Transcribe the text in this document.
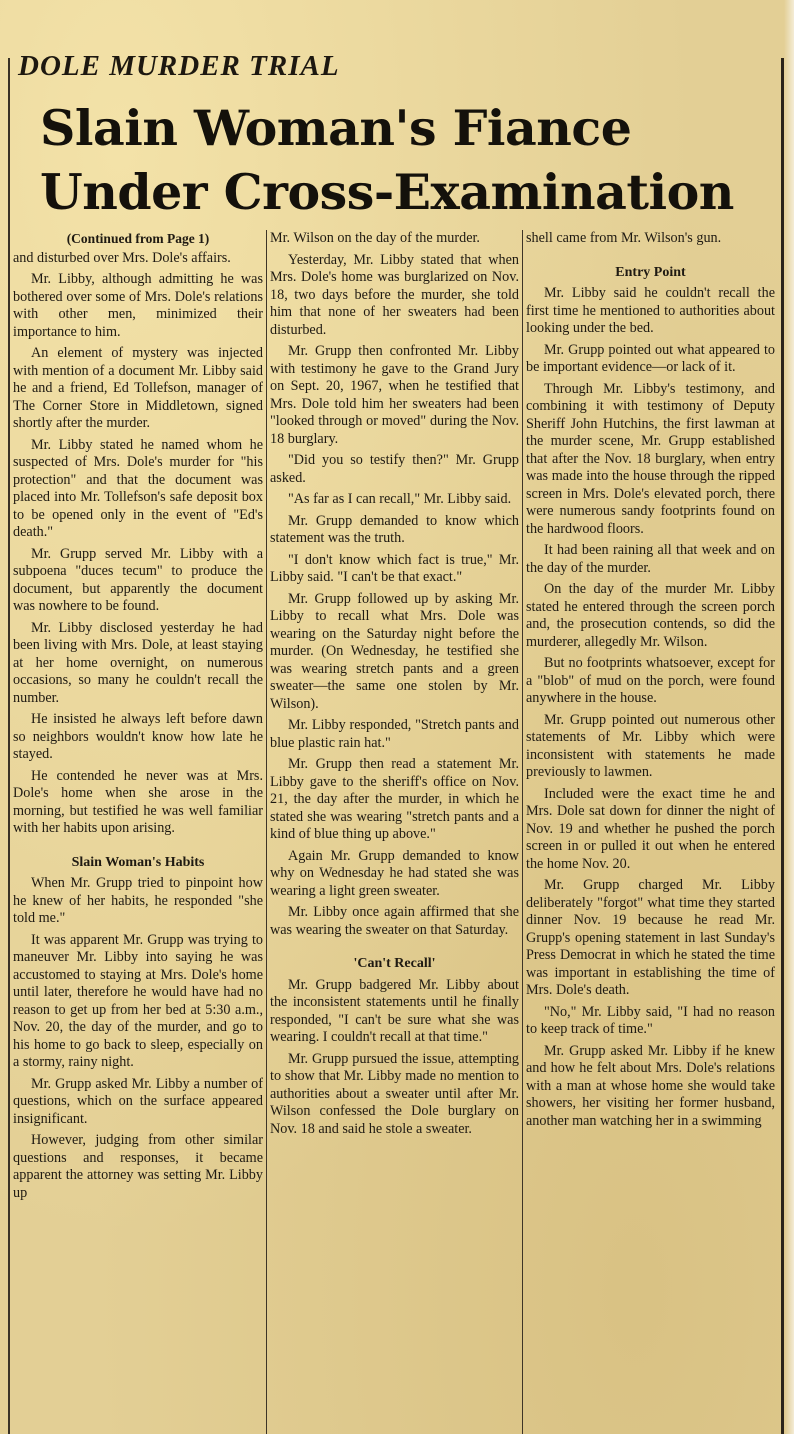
DOLE MURDER TRIAL
Slain Woman's Fiance Under Cross-Examination
(Continued from Page 1)

and disturbed over Mrs. Dole's affairs.

Mr. Libby, although admitting he was bothered over some of Mrs. Dole's relations with other men, minimized their importance to him.

An element of mystery was injected with mention of a document Mr. Libby said he and a friend, Ed Tollefson, manager of The Corner Store in Middletown, signed shortly after the murder.

Mr. Libby stated he named whom he suspected of Mrs. Dole's murder for "his protection" and that the document was placed into Mr. Tollefson's safe deposit box to be opened only in the event of "Ed's death."

Mr. Grupp served Mr. Libby with a subpoena "duces tecum" to produce the document, but apparently the document was nowhere to be found.

Mr. Libby disclosed yesterday he had been living with Mrs. Dole, at least staying at her home overnight, on numerous occasions, so many he couldn't recall the number.

He insisted he always left before dawn so neighbors wouldn't know how late he stayed.

He contended he never was at Mrs. Dole's home when she arose in the morning, but testified he was well familiar with her habits upon arising.

Slain Woman's Habits

When Mr. Grupp tried to pinpoint how he knew of her habits, he responded "she told me."

It was apparent Mr. Grupp was trying to maneuver Mr. Libby into saying he was accustomed to staying at Mrs. Dole's home until later, therefore he would have had no reason to get up from her bed at 5:30 a.m., Nov. 20, the day of the murder, and go to his home to go back to sleep, especially on a stormy, rainy night.

Mr. Grupp asked Mr. Libby a number of questions, which on the surface appeared insignificant.

However, judging from other similar questions and responses, it became apparent the attorney was setting Mr. Libby up

Mr. Wilson on the day of the murder.

Yesterday, Mr. Libby stated that when Mrs. Dole's home was burglarized on Nov. 18, two days before the murder, she told him that none of her sweaters had been disturbed.

Mr. Grupp then confronted Mr. Libby with testimony he gave to the Grand Jury on Sept. 20, 1967, when he testified that Mrs. Dole told him her sweaters had been "looked through or moved" during the Nov. 18 burglary.

"Did you so testify then?" Mr. Grupp asked.

"As far as I can recall," Mr. Libby said.

Mr. Grupp demanded to know which statement was the truth.

"I don't know which fact is true," Mr. Libby said. "I can't be that exact."

Mr. Grupp followed up by asking Mr. Libby to recall what Mrs. Dole was wearing on the Saturday night before the murder. (On Wednesday, he testified she was wearing stretch pants and a green sweater—the same one stolen by Mr. Wilson).

Mr. Libby responded, "Stretch pants and blue plastic rain hat."

Mr. Grupp then read a statement Mr. Libby gave to the sheriff's office on Nov. 21, the day after the murder, in which he stated she was wearing "stretch pants and a kind of blue thing up above."

Again Mr. Grupp demanded to know why on Wednesday he had stated she was wearing a light green sweater.

Mr. Libby once again affirmed that she was wearing the sweater on that Saturday.

'Can't Recall'

Mr. Grupp badgered Mr. Libby about the inconsistent statements until he finally responded, "I can't be sure what she was wearing. I couldn't recall at that time."

Mr. Grupp pursued the issue, attempting to show that Mr. Libby made no mention to authorities about a sweater until after Mr. Wilson confessed the Dole burglary on Nov. 18 and said he stole a sweater.

shell came from Mr. Wilson's gun.

Entry Point

Mr. Libby said he couldn't recall the first time he mentioned to authorities about looking under the bed.

Mr. Grupp pointed out what appeared to be important evidence—or lack of it.

Through Mr. Libby's testimony, and combining it with testimony of Deputy Sheriff John Hutchins, the first lawman at the murder scene, Mr. Grupp established that after the Nov. 18 burglary, when entry was made into the house through the ripped screen in Mrs. Dole's elevated porch, there were numerous sandy footprints found on the hardwood floors.

It had been raining all that week and on the day of the murder.

On the day of the murder Mr. Libby stated he entered through the screen porch and, the prosecution contends, so did the murderer, allegedly Mr. Wilson.

But no footprints whatsoever, except for a "blob" of mud on the porch, were found anywhere in the house.

Mr. Grupp pointed out numerous other statements of Mr. Libby which were inconsistent with statements he made previously to lawmen.

Included were the exact time he and Mrs. Dole sat down for dinner the night of Nov. 19 and whether he pushed the porch screen in or pulled it out when he entered the home Nov. 20.

Mr. Grupp charged Mr. Libby deliberately "forgot" what time they started dinner Nov. 19 because he read Mr. Grupp's opening statement in last Sunday's Press Democrat in which he stated the time was important in establishing the time of Mrs. Dole's death.

"No," Mr. Libby said, "I had no reason to keep track of time."

Mr. Grupp asked Mr. Libby if he knew and how he felt about Mrs. Dole's relations with a man at whose home she would take showers, her visiting her former husband, another man watching her in a swimming
